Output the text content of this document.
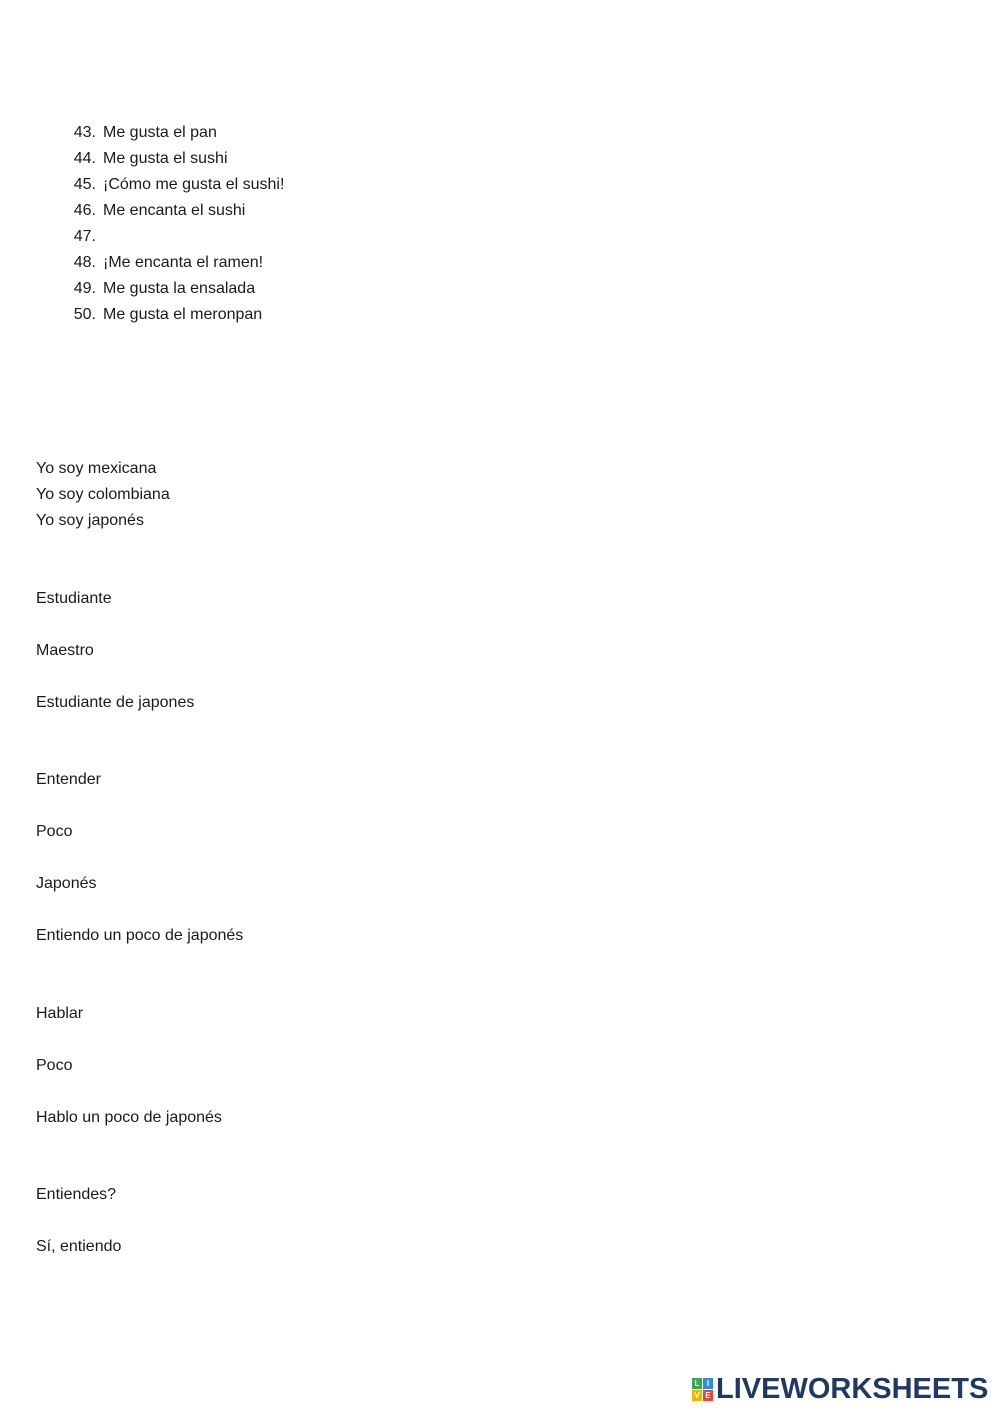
43. Me gusta el pan
44. Me gusta el sushi
45. ¡Cómo me gusta el sushi!
46. Me encanta el sushi
47.
48. ¡Me encanta el ramen!
49. Me gusta la ensalada
50. Me gusta el meronpan
Yo soy mexicana
Yo soy colombiana
Yo soy japonés
Estudiante
Maestro
Estudiante de japones
Entender
Poco
Japonés
Entiendo un poco de japonés
Hablar
Poco
Hablo un poco de japonés
Entiendes?
Sí, entiendo
L I
V E LIVEWORKSHEETS
